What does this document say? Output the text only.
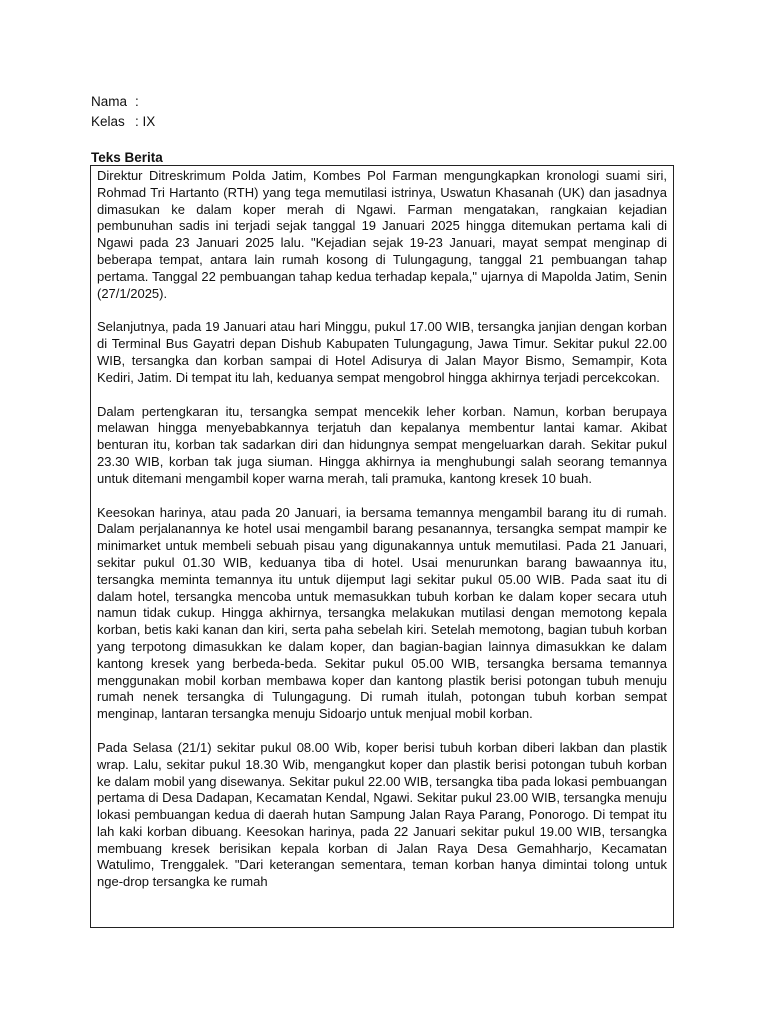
Nama :
Kelas : IX
Teks Berita

Direktur Ditreskrimum Polda Jatim, Kombes Pol Farman mengungkapkan kronologi suami siri, Rohmad Tri Hartanto (RTH) yang tega memutilasi istrinya, Uswatun Khasanah (UK) dan jasadnya dimasukan ke dalam koper merah di Ngawi. Farman mengatakan, rangkaian kejadian pembunuhan sadis ini terjadi sejak tanggal 19 Januari 2025 hingga ditemukan pertama kali di Ngawi pada 23 Januari 2025 lalu. "Kejadian sejak 19-23 Januari, mayat sempat menginap di beberapa tempat, antara lain rumah kosong di Tulungagung, tanggal 21 pembuangan tahap pertama. Tanggal 22 pembuangan tahap kedua terhadap kepala," ujarnya di Mapolda Jatim, Senin (27/1/2025).

Selanjutnya, pada 19 Januari atau hari Minggu, pukul 17.00 WIB, tersangka janjian dengan korban di Terminal Bus Gayatri depan Dishub Kabupaten Tulungagung, Jawa Timur. Sekitar pukul 22.00 WIB, tersangka dan korban sampai di Hotel Adisurya di Jalan Mayor Bismo, Semampir, Kota Kediri, Jatim. Di tempat itu lah, keduanya sempat mengobrol hingga akhirnya terjadi percekcokan.

Dalam pertengkaran itu, tersangka sempat mencekik leher korban. Namun, korban berupaya melawan hingga menyebabkannya terjatuh dan kepalanya membentur lantai kamar. Akibat benturan itu, korban tak sadarkan diri dan hidungnya sempat mengeluarkan darah. Sekitar pukul 23.30 WIB, korban tak juga siuman. Hingga akhirnya ia menghubungi salah seorang temannya untuk ditemani mengambil koper warna merah, tali pramuka, kantong kresek 10 buah.

Keesokan harinya, atau pada 20 Januari, ia bersama temannya mengambil barang itu di rumah. Dalam perjalanannya ke hotel usai mengambil barang pesanannya, tersangka sempat mampir ke minimarket untuk membeli sebuah pisau yang digunakannya untuk memutilasi. Pada 21 Januari, sekitar pukul 01.30 WIB, keduanya tiba di hotel. Usai menurunkan barang bawaannya itu, tersangka meminta temannya itu untuk dijemput lagi sekitar pukul 05.00 WIB. Pada saat itu di dalam hotel, tersangka mencoba untuk memasukkan tubuh korban ke dalam koper secara utuh namun tidak cukup. Hingga akhirnya, tersangka melakukan mutilasi dengan memotong kepala korban, betis kaki kanan dan kiri, serta paha sebelah kiri. Setelah memotong, bagian tubuh korban yang terpotong dimasukkan ke dalam koper, dan bagian-bagian lainnya dimasukkan ke dalam kantong kresek yang berbeda-beda. Sekitar pukul 05.00 WIB, tersangka bersama temannya menggunakan mobil korban membawa koper dan kantong plastik berisi potongan tubuh menuju rumah nenek tersangka di Tulungagung. Di rumah itulah, potongan tubuh korban sempat menginap, lantaran tersangka menuju Sidoarjo untuk menjual mobil korban.

Pada Selasa (21/1) sekitar pukul 08.00 Wib, koper berisi tubuh korban diberi lakban dan plastik wrap. Lalu, sekitar pukul 18.30 Wib, mengangkut koper dan plastik berisi potongan tubuh korban ke dalam mobil yang disewanya. Sekitar pukul 22.00 WIB, tersangka tiba pada lokasi pembuangan pertama di Desa Dadapan, Kecamatan Kendal, Ngawi. Sekitar pukul 23.00 WIB, tersangka menuju lokasi pembuangan kedua di daerah hutan Sampung Jalan Raya Parang, Ponorogo. Di tempat itu lah kaki korban dibuang. Keesokan harinya, pada 22 Januari sekitar pukul 19.00 WIB, tersangka membuang kresek berisikan kepala korban di Jalan Raya Desa Gemahharjo, Kecamatan Watulimo, Trenggalek. "Dari keterangan sementara, teman korban hanya dimintai tolong untuk nge-drop tersangka ke rumah
